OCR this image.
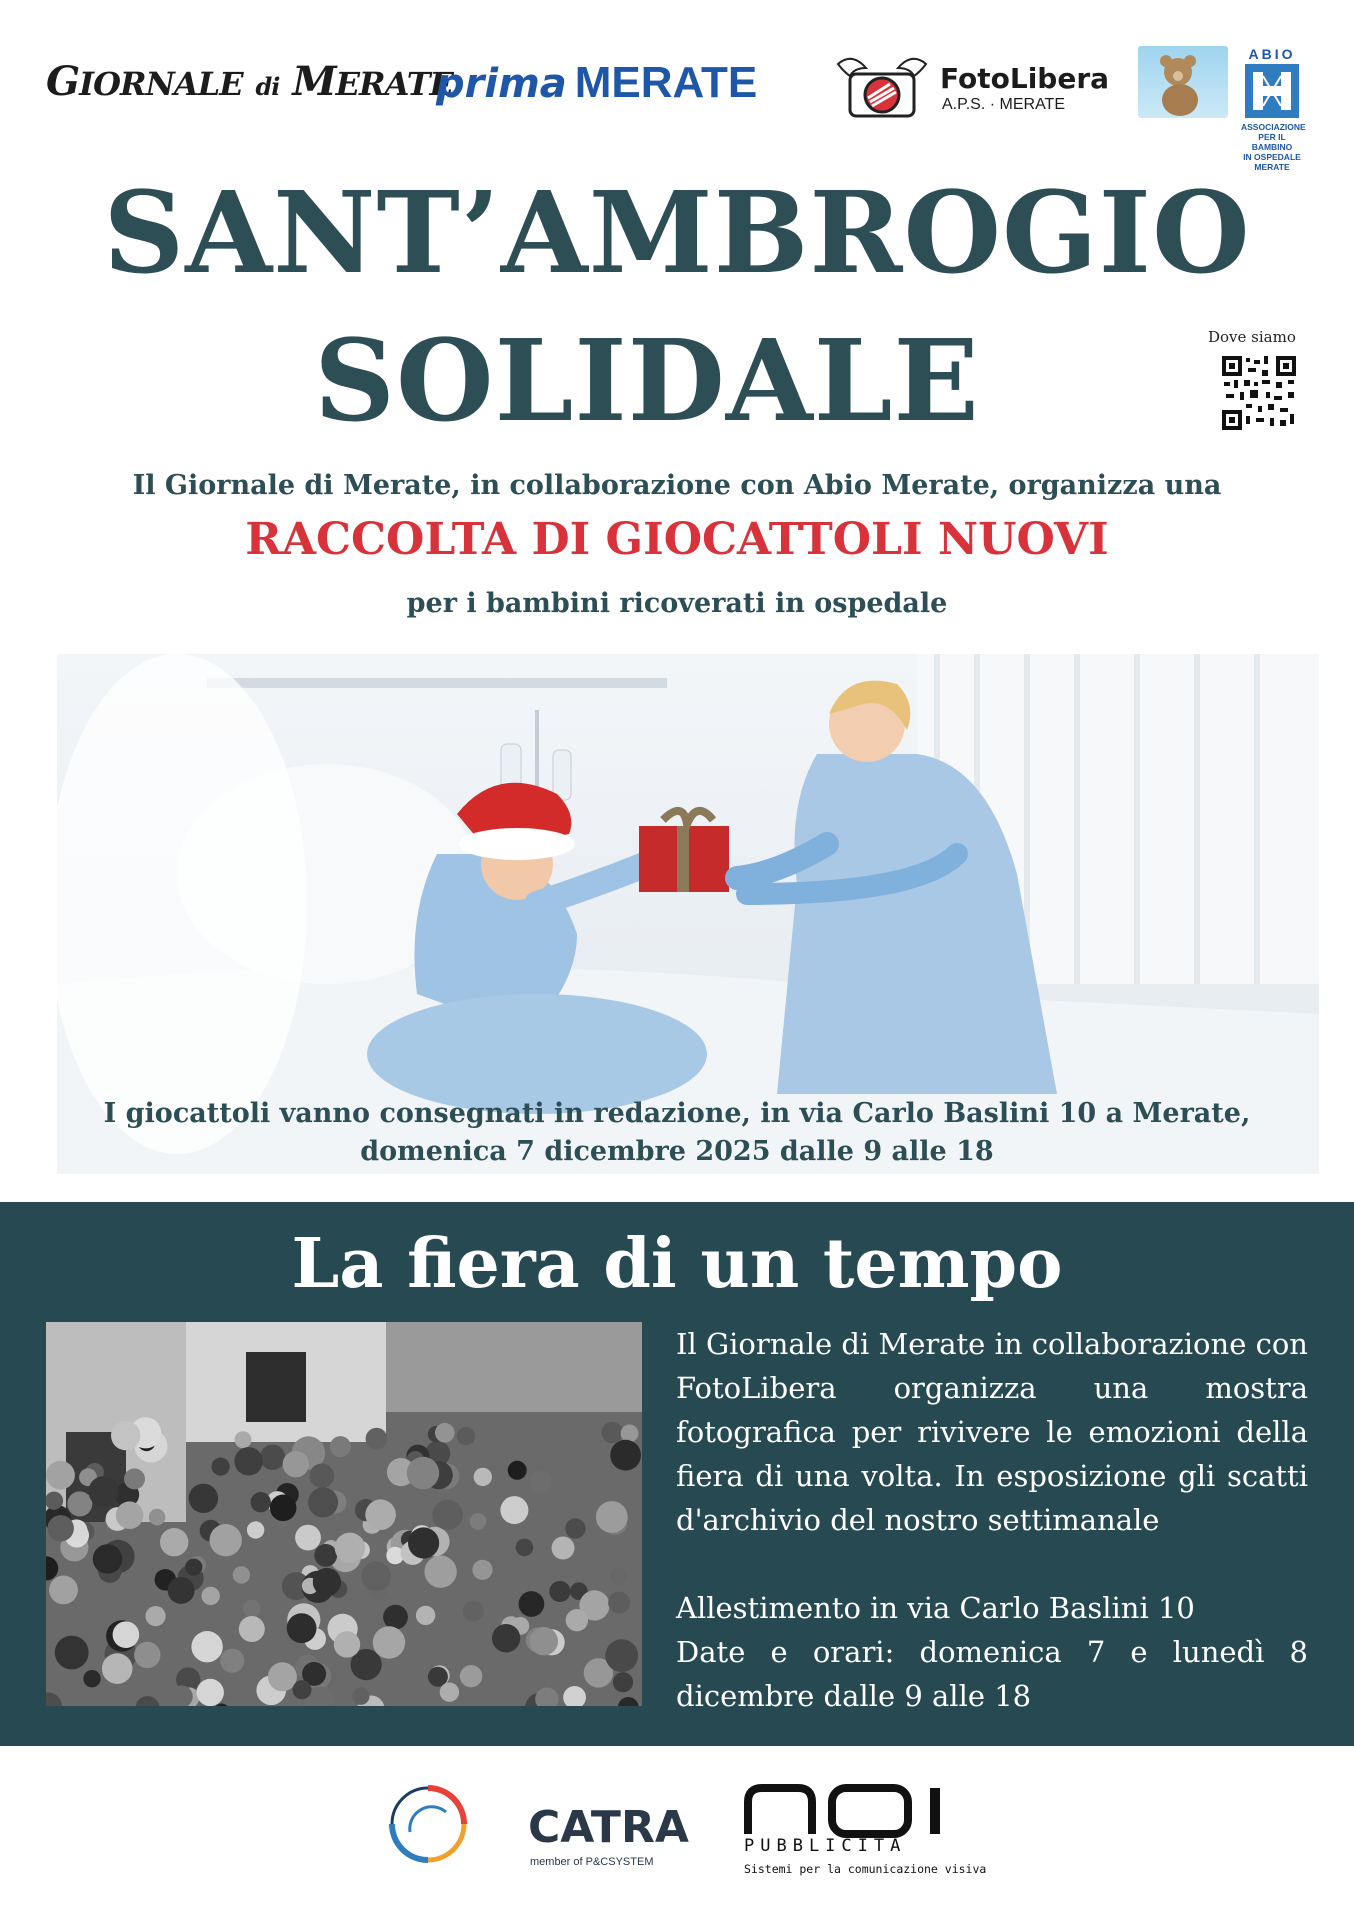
GIORNALE di MERATE
prima MERATE	FotoLibera
A.P.S. · MERATE
ABIO
ASSOCIAZIONE
PER IL BAMBINO
IN OSPEDALE
MERATE
SANT’AMBROGIO
SOLIDALE	Dove siamo
Il Giornale di Merate, in collaborazione con Abio Merate, organizza una
RACCOLTA DI GIOCATTOLI NUOVI
per i bambini ricoverati in ospedale
I giocattoli vanno consegnati in redazione, in via Carlo Baslini 10 a Merate,
domenica 7 dicembre 2025 dalle 9 alle 18
La fiera di un tempo

Il Giornale di Merate in collaborazione con FotoLibera organizza una mostra fotografica per rivivere le emozioni della fiera di una volta. In esposizione gli scatti d'archivio del nostro settimanale

Allestimento in via Carlo Baslini 10

Date e orari: domenica 7 e lunedì 8 dicembre dalle 9 alle 18

CATRA
member of P&CSYSTEM
PUBBLICITÀ
Sistemi per la comunicazione visiva
